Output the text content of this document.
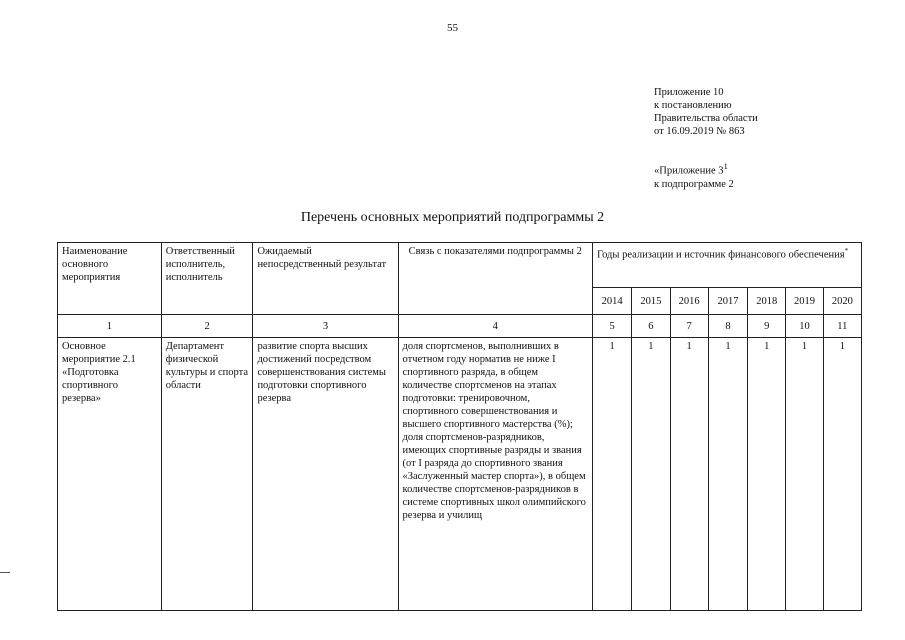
55
Приложение 10
к постановлению
Правительства области
от 16.09.2019 № 863
«Приложение $3^1$
к подпрограмме 2
Перечень основных мероприятий подпрограммы 2
Наименование основного мероприятия	Ответственный исполнитель, исполнитель	Ожидаемый непосредственный результат	Связь с показателями подпрограммы 2	Годы реализации и источник финансового обеспечения*
				2014	2015	2016	2017	2018	2019	2020
1	2	3	4	5	6	7	8	9	10	11
Основное мероприятие 2.1 «Подготовка спортивного резерва»	Департамент физической культуры и спорта области	развитие спорта высших достижений посредством совершенствования системы подготовки спортивного резерва	доля спортсменов, выполнивших в отчетном году норматив не ниже I спортивного разряда, в общем количестве спортсменов на этапах подготовки: тренировочном, спортивного совершенствования и высшего спортивного мастерства (%); доля спортсменов-разрядников, имеющих спортивные разряды и звания (от I разряда до спортивного звания «Заслуженный мастер спорта»), в общем количестве спортсменов-разрядников в системе спортивных школ олимпийского резерва и училищ	1	1	1	1	1	1	1
